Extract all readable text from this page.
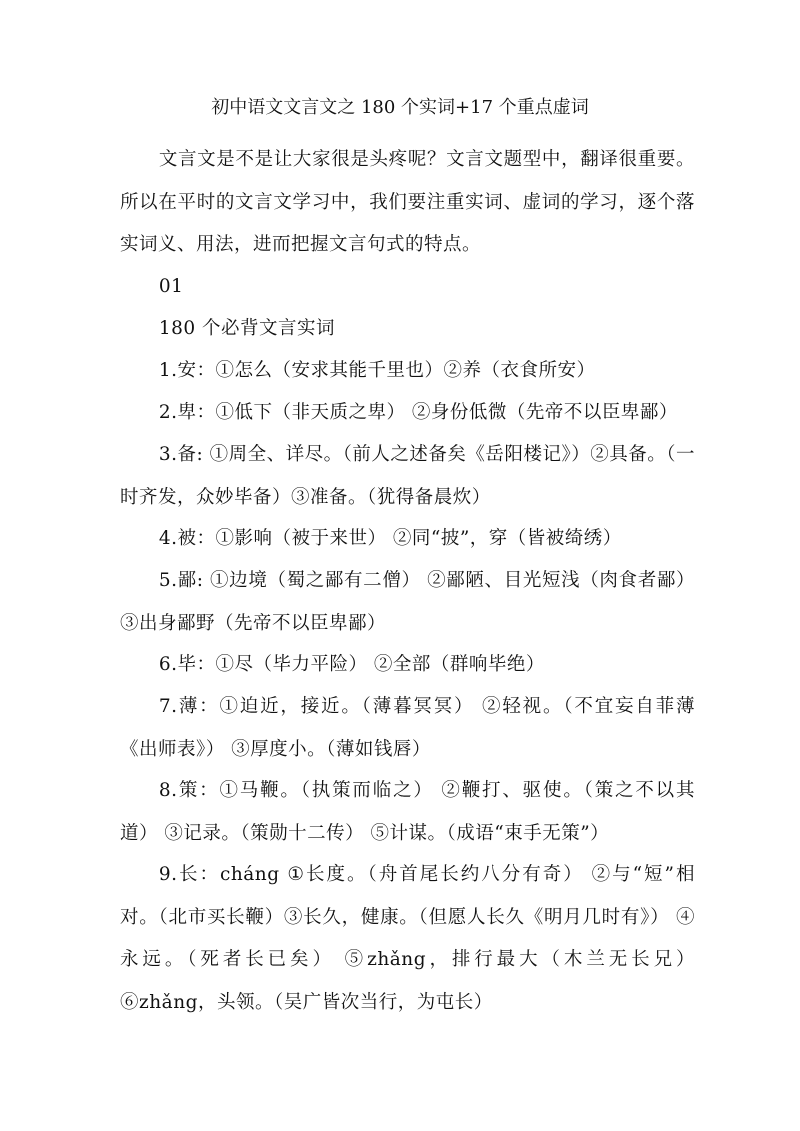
初中语文文言文之 180 个实词+17 个重点虚词

文言文是不是让大家很是头疼呢？文言文题型中，翻译很重要。所以在平时的文言文学习中，我们要注重实词、虚词的学习，逐个落实词义、用法，进而把握文言句式的特点。

01

180 个必背文言实词

1.安：①怎么（安求其能千里也）②养（衣食所安）

2.卑：①低下（非天质之卑） ②身份低微（先帝不以臣卑鄙）

3.备: ①周全、详尽。（前人之述备矣《岳阳楼记》）②具备。（一时齐发，众妙毕备）③准备。（犹得备晨炊）

4.被：①影响（被于来世） ②同“披”，穿（皆被绮绣）

5.鄙: ①边境（蜀之鄙有二僧） ②鄙陋、目光短浅（肉食者鄙）③出身鄙野（先帝不以臣卑鄙）

6.毕：①尽（毕力平险） ②全部（群响毕绝）

7.薄：①迫近，接近。（薄暮冥冥） ②轻视。（不宜妄自菲薄《出师表》） ③厚度小。（薄如钱唇）

8.策：①马鞭。（执策而临之） ②鞭打、驱使。（策之不以其道） ③记录。（策勋十二传） ⑤计谋。（成语“束手无策”）

9.长：cháng ①长度。（舟首尾长约八分有奇） ②与“短”相对。（北市买长鞭）③长久，健康。（但愿人长久《明月几时有》） ④永远。（死者长已矣） ⑤zhǎng，排行最大（木兰无长兄）⑥zhǎng，头领。（吴广皆次当行，为屯长）
